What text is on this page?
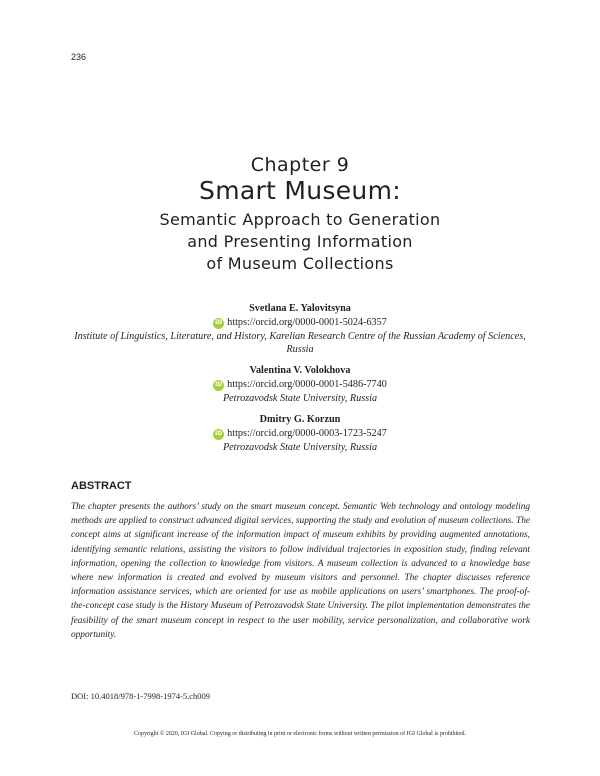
236
Chapter 9
Smart Museum:
Semantic Approach to Generation
and Presenting Information
of Museum Collections
Svetlana E. Yalovitsyna
iD https://orcid.org/0000-0001-5024-6357
Institute of Linguistics, Literature, and History, Karelian Research Centre of the Russian Academy of Sciences, Russia
Valentina V. Volokhova
iD https://orcid.org/0000-0001-5486-7740
Petrozavodsk State University, Russia
Dmitry G. Korzun
iD https://orcid.org/0000-0003-1723-5247
Petrozavodsk State University, Russia
ABSTRACT
The chapter presents the authors’ study on the smart museum concept. Semantic Web technology and ontology modeling methods are applied to construct advanced digital services, supporting the study and evolution of museum collections. The concept aims at significant increase of the information impact of museum exhibits by providing augmented annotations, identifying semantic relations, assisting the visitors to follow individual trajectories in exposition study, finding relevant information, opening the collection to knowledge from visitors. A museum collection is advanced to a knowledge base where new information is created and evolved by museum visitors and personnel. The chapter discusses reference information assistance services, which are oriented for use as mobile applications on users’ smartphones. The proof-of-the-concept case study is the History Museum of Petrozavodsk State University. The pilot implementation demonstrates the feasibility of the smart museum concept in respect to the user mobility, service personalization, and collaborative work opportunity.
DOI: 10.4018/978-1-7998-1974-5.ch009
Copyright © 2020, IGI Global. Copying or distributing in print or electronic forms without written permission of IGI Global is prohibited.
